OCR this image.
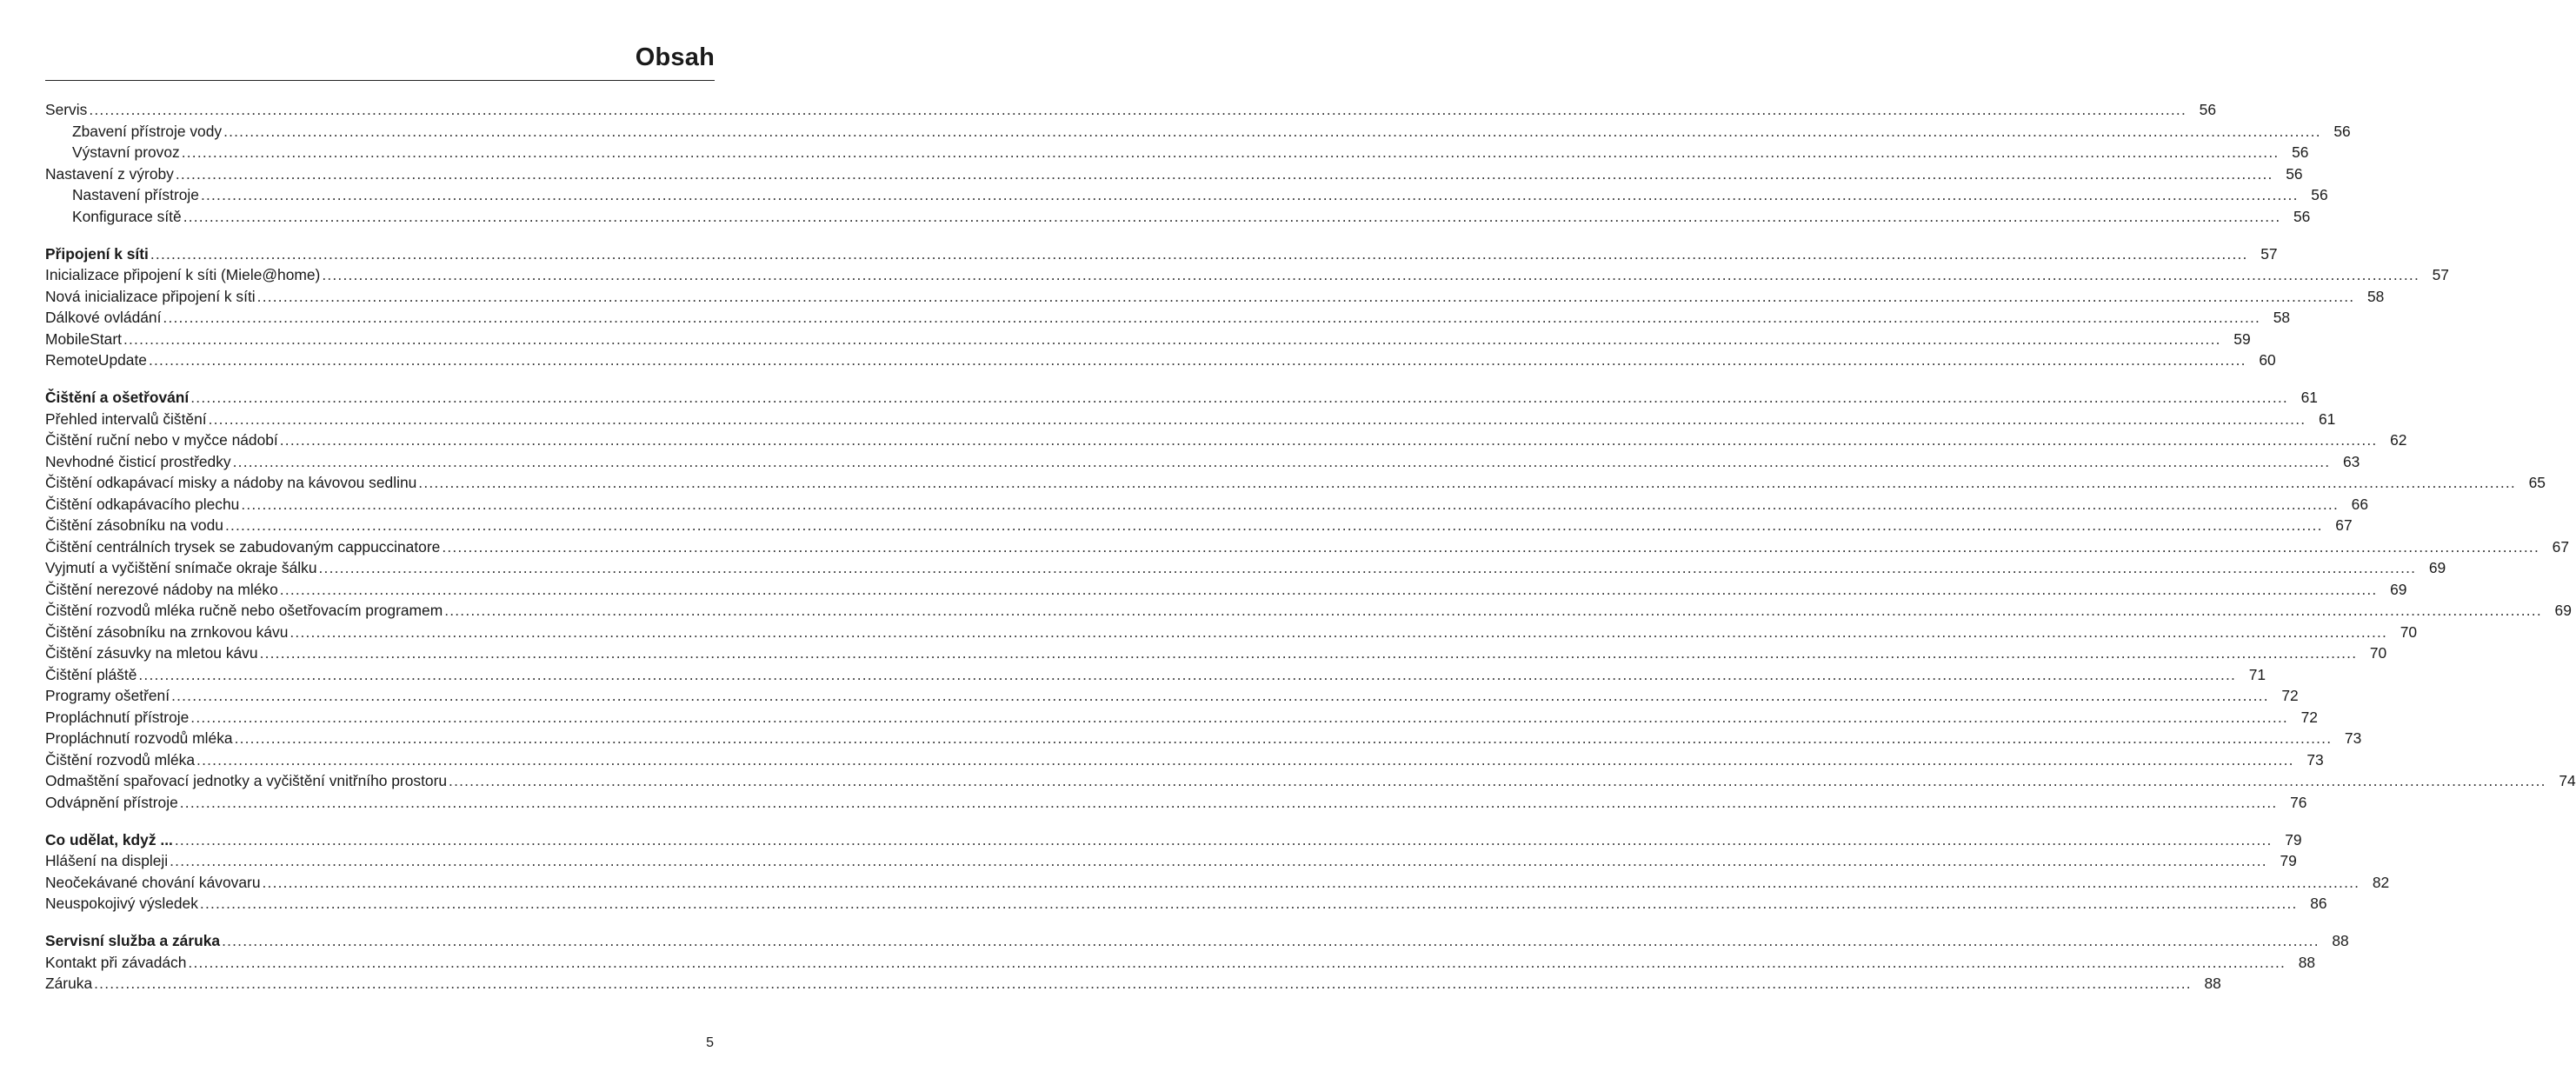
Obsah
Servis ................................................................................................................................................................................................................................................................................................................................................................................................................ 56
Zbavení přístroje vody ................................................................................................................................................................................................................................................................................................................................................................................................................ 56
Výstavní provoz ................................................................................................................................................................................................................................................................................................................................................................................................................ 56
Nastavení z výroby ................................................................................................................................................................................................................................................................................................................................................................................................................ 56
Nastavení přístroje ................................................................................................................................................................................................................................................................................................................................................................................................................ 56
Konfigurace sítě ................................................................................................................................................................................................................................................................................................................................................................................................................ 56
Připojení k síti ................................................................................................................................................................................................................................................................................................................................................................................................................ 57
Inicializace připojení k síti (Miele@home) ................................................................................................................................................................................................................................................................................................................................................................................................................ 57
Nová inicializace připojení k síti ................................................................................................................................................................................................................................................................................................................................................................................................................ 58
Dálkové ovládání ................................................................................................................................................................................................................................................................................................................................................................................................................ 58
MobileStart ................................................................................................................................................................................................................................................................................................................................................................................................................ 59
RemoteUpdate ................................................................................................................................................................................................................................................................................................................................................................................................................ 60
Čištění a ošetřování ................................................................................................................................................................................................................................................................................................................................................................................................................ 61
Přehled intervalů čištění ................................................................................................................................................................................................................................................................................................................................................................................................................ 61
Čištění ruční nebo v myčce nádobí ................................................................................................................................................................................................................................................................................................................................................................................................................ 62
Nevhodné čisticí prostředky ................................................................................................................................................................................................................................................................................................................................................................................................................ 63
Čištění odkapávací misky a nádoby na kávovou sedlinu ................................................................................................................................................................................................................................................................................................................................................................................................................ 65
Čištění odkapávacího plechu ................................................................................................................................................................................................................................................................................................................................................................................................................ 66
Čištění zásobníku na vodu ................................................................................................................................................................................................................................................................................................................................................................................................................ 67
Čištění centrálních trysek se zabudovaným cappuccinatore ................................................................................................................................................................................................................................................................................................................................................................................................................ 67
Vyjmutí a vyčištění snímače okraje šálku ................................................................................................................................................................................................................................................................................................................................................................................................................ 69
Čištění nerezové nádoby na mléko ................................................................................................................................................................................................................................................................................................................................................................................................................ 69
Čištění rozvodů mléka ručně nebo ošetřovacím programem ................................................................................................................................................................................................................................................................................................................................................................................................................ 69
Čištění zásobníku na zrnkovou kávu ................................................................................................................................................................................................................................................................................................................................................................................................................ 70
Čištění zásuvky na mletou kávu ................................................................................................................................................................................................................................................................................................................................................................................................................ 70
Čištění pláště ................................................................................................................................................................................................................................................................................................................................................................................................................ 71
Programy ošetření ................................................................................................................................................................................................................................................................................................................................................................................................................ 72
Propláchnutí přístroje ................................................................................................................................................................................................................................................................................................................................................................................................................ 72
Propláchnutí rozvodů mléka ................................................................................................................................................................................................................................................................................................................................................................................................................ 73
Čištění rozvodů mléka ................................................................................................................................................................................................................................................................................................................................................................................................................ 73
Odmaštění spařovací jednotky a vyčištění vnitřního prostoru ................................................................................................................................................................................................................................................................................................................................................................................................................ 74
Odvápnění přístroje ................................................................................................................................................................................................................................................................................................................................................................................................................ 76
Co udělat, když ... ................................................................................................................................................................................................................................................................................................................................................................................................................ 79
Hlášení na displeji ................................................................................................................................................................................................................................................................................................................................................................................................................ 79
Neočekávané chování kávovaru ................................................................................................................................................................................................................................................................................................................................................................................................................ 82
Neuspokojivý výsledek ................................................................................................................................................................................................................................................................................................................................................................................................................ 86
Servisní služba a záruka ................................................................................................................................................................................................................................................................................................................................................................................................................ 88
Kontakt při závadách ................................................................................................................................................................................................................................................................................................................................................................................................................ 88
Záruka ................................................................................................................................................................................................................................................................................................................................................................................................................ 88
5
